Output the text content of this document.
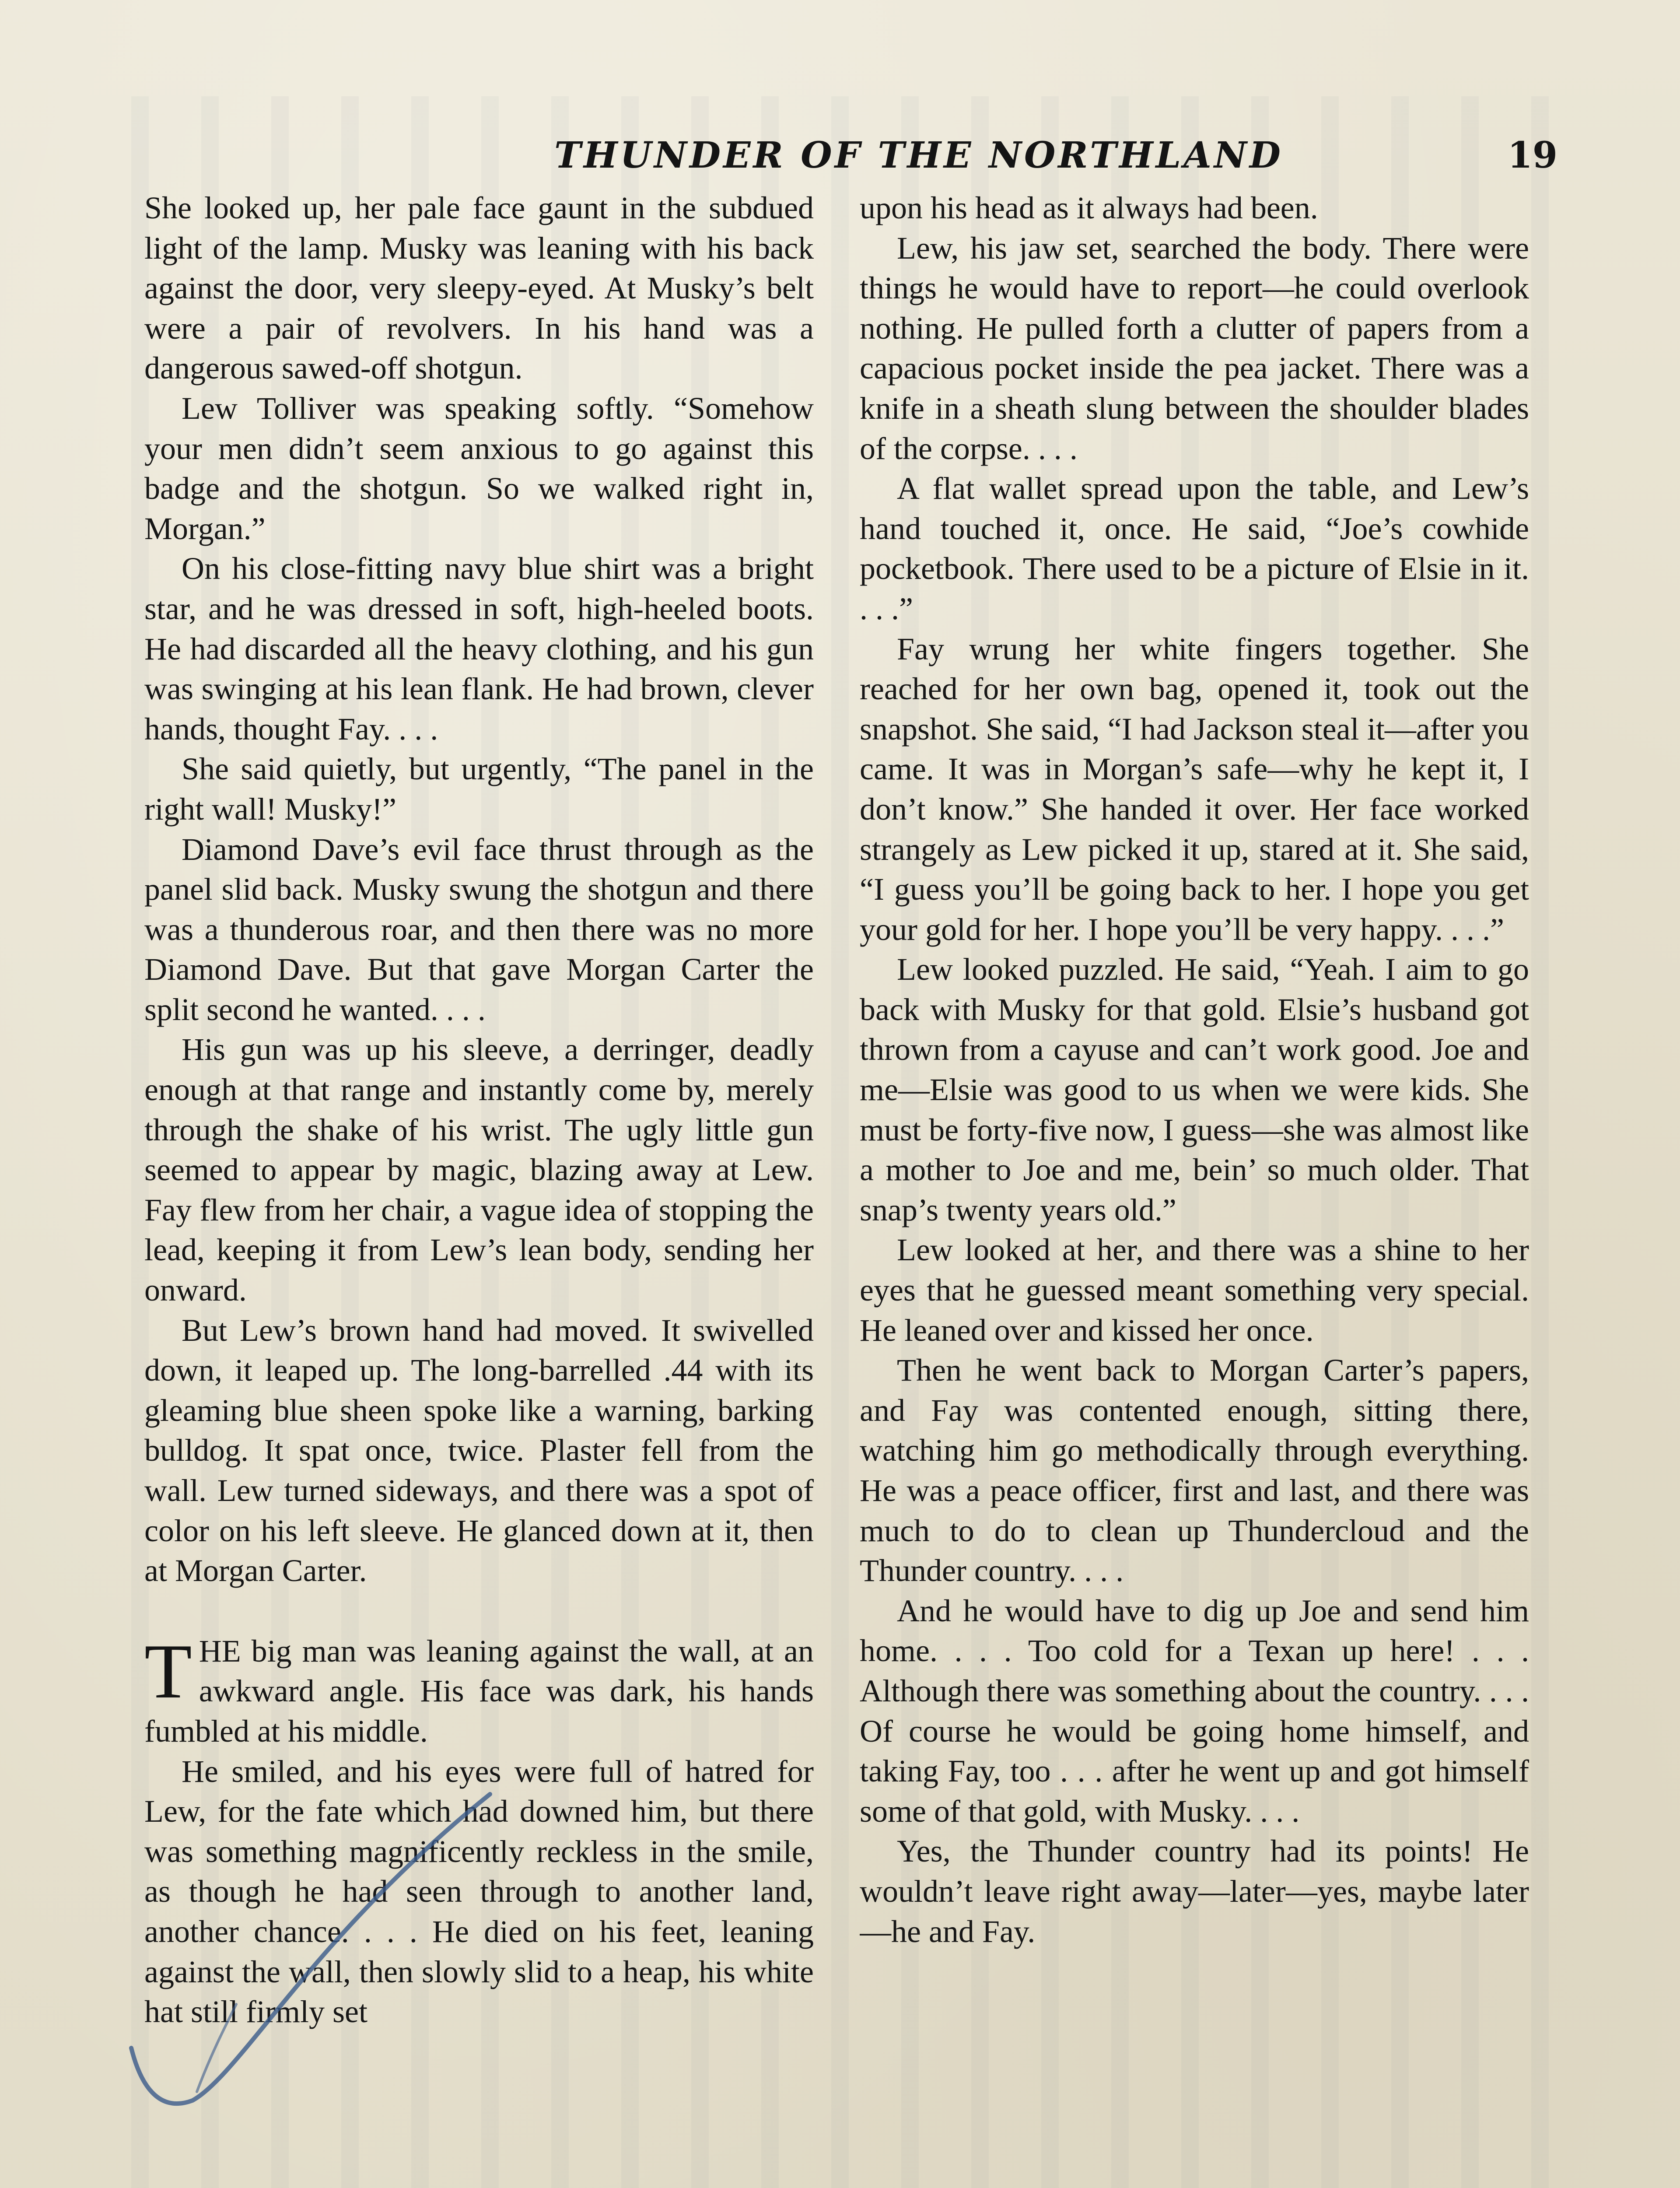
THUNDER OF THE NORTHLAND	19

She looked up, her pale face gaunt in the subdued light of the lamp. Musky was leaning with his back against the door, very sleepy-eyed. At Musky’s belt were a pair of revolvers. In his hand was a dangerous sawed-off shotgun.

Lew Tolliver was speaking softly. “Somehow your men didn’t seem anxious to go against this badge and the shotgun. So we walked right in, Morgan.”

On his close-fitting navy blue shirt was a bright star, and he was dressed in soft, high-heeled boots. He had discarded all the heavy clothing, and his gun was swinging at his lean flank. He had brown, clever hands, thought Fay. . . .

She said quietly, but urgently, “The panel in the right wall! Musky!”

Diamond Dave’s evil face thrust through as the panel slid back. Musky swung the shotgun and there was a thunderous roar, and then there was no more Diamond Dave. But that gave Morgan Carter the split second he wanted. . . .

His gun was up his sleeve, a derringer, deadly enough at that range and instantly come by, merely through the shake of his wrist. The ugly little gun seemed to appear by magic, blazing away at Lew. Fay flew from her chair, a vague idea of stopping the lead, keeping it from Lew’s lean body, sending her onward.

But Lew’s brown hand had moved. It swivelled down, it leaped up. The long-barrelled .44 with its gleaming blue sheen spoke like a warning, barking bulldog. It spat once, twice. Plaster fell from the wall. Lew turned sideways, and there was a spot of color on his left sleeve. He glanced down at it, then at Morgan Carter.

THE big man was leaning against the wall, at an awkward angle. His face was dark, his hands fumbled at his middle.

He smiled, and his eyes were full of hatred for Lew, for the fate which had downed him, but there was something magnificently reckless in the smile, as though he had seen through to another land, another chance. . . . He died on his feet, leaning against the wall, then slowly slid to a heap, his white hat still firmly set

upon his head as it always had been.

Lew, his jaw set, searched the body. There were things he would have to report—he could overlook nothing. He pulled forth a clutter of papers from a capacious pocket inside the pea jacket. There was a knife in a sheath slung between the shoulder blades of the corpse. . . .

A flat wallet spread upon the table, and Lew’s hand touched it, once. He said, “Joe’s cowhide pocketbook. There used to be a picture of Elsie in it. . . .”

Fay wrung her white fingers together. She reached for her own bag, opened it, took out the snapshot. She said, “I had Jackson steal it—after you came. It was in Morgan’s safe—why he kept it, I don’t know.” She handed it over. Her face worked strangely as Lew picked it up, stared at it. She said, “I guess you’ll be going back to her. I hope you get your gold for her. I hope you’ll be very happy. . . .”

Lew looked puzzled. He said, “Yeah. I aim to go back with Musky for that gold. Elsie’s husband got thrown from a cayuse and can’t work good. Joe and me—Elsie was good to us when we were kids. She must be forty-five now, I guess—she was almost like a mother to Joe and me, bein’ so much older. That snap’s twenty years old.”

Lew looked at her, and there was a shine to her eyes that he guessed meant something very special. He leaned over and kissed her once.

Then he went back to Morgan Carter’s papers, and Fay was contented enough, sitting there, watching him go methodically through everything. He was a peace officer, first and last, and there was much to do to clean up Thundercloud and the Thunder country. . . .

And he would have to dig up Joe and send him home. . . . Too cold for a Texan up here! . . . Although there was something about the country. . . . Of course he would be going home himself, and taking Fay, too . . . after he went up and got himself some of that gold, with Musky. . . .

Yes, the Thunder country had its points! He wouldn’t leave right away—later—yes, maybe later—he and Fay.
